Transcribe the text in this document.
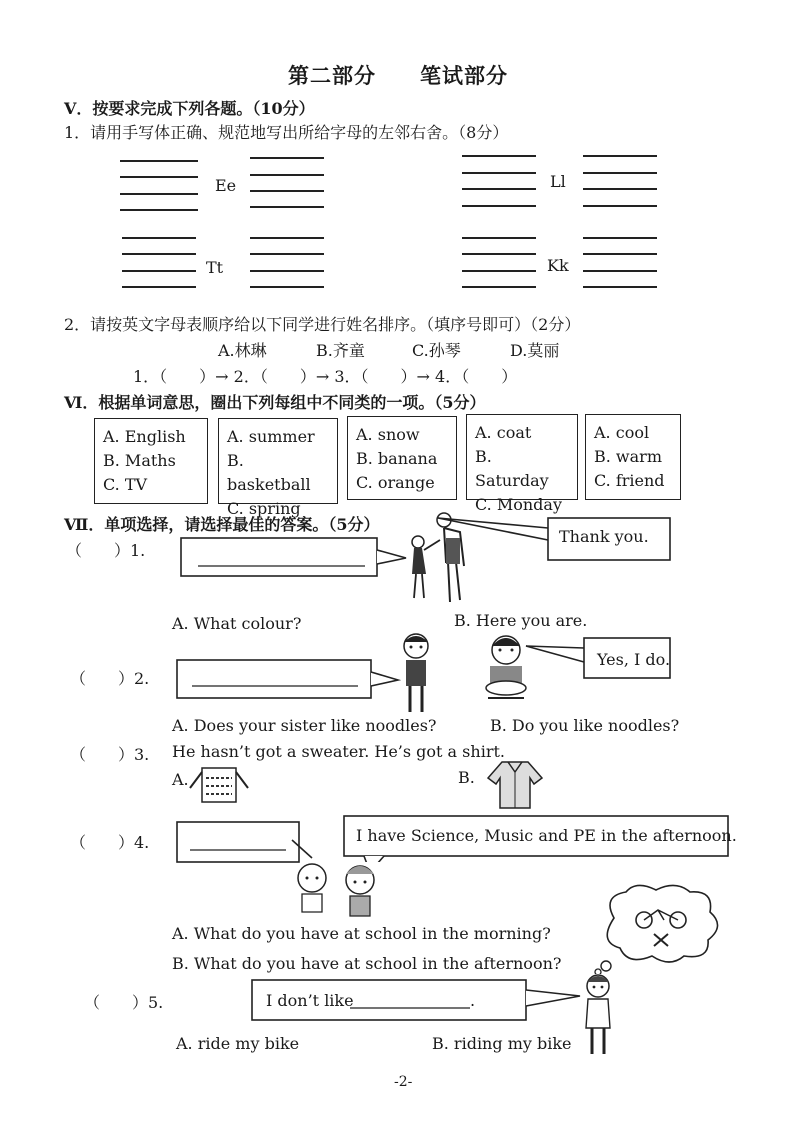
第二部分　　笔试部分
V．按要求完成下列各题。（10分）
1．请用手写体正确、规范地写出所给字母的左邻右舍。（8分）
Ee	Ll
Tt	Kk
2．请按英文字母表顺序给以下同学进行姓名排序。（填序号即可）（2分）
A.林琳	B.齐童	C.孙琴	D.莫丽
1．（　　）→ 2．（　　）→ 3．（　　）→ 4．（　　）
Ⅵ．根据单词意思，圈出下列每组中不同类的一项。（5分）
A. English
B. Maths
C. TV
A. summer
B. basketball
C. spring
A. snow
B. banana
C. orange
A. coat
B. Saturday
C. Monday
A. cool
B. warm
C. friend
Ⅶ．单项选择，请选择最佳的答案。（5分）
（　　）1.
Thank you.
A. What colour?	B. Here you are.
（　　）2.
Yes, I do.
A. Does your sister like noodles?	B. Do you like noodles?
（　　）3. He hasn’t got a sweater. He’s got a shirt.
A.	B.
（　　）4.	I have Science, Music and PE in the afternoon.
A. What do you have at school in the morning?
B. What do you have at school in the afternoon?
（　　）5.	I don’t like	.
A. ride my bike	B. riding my bike
-2-
